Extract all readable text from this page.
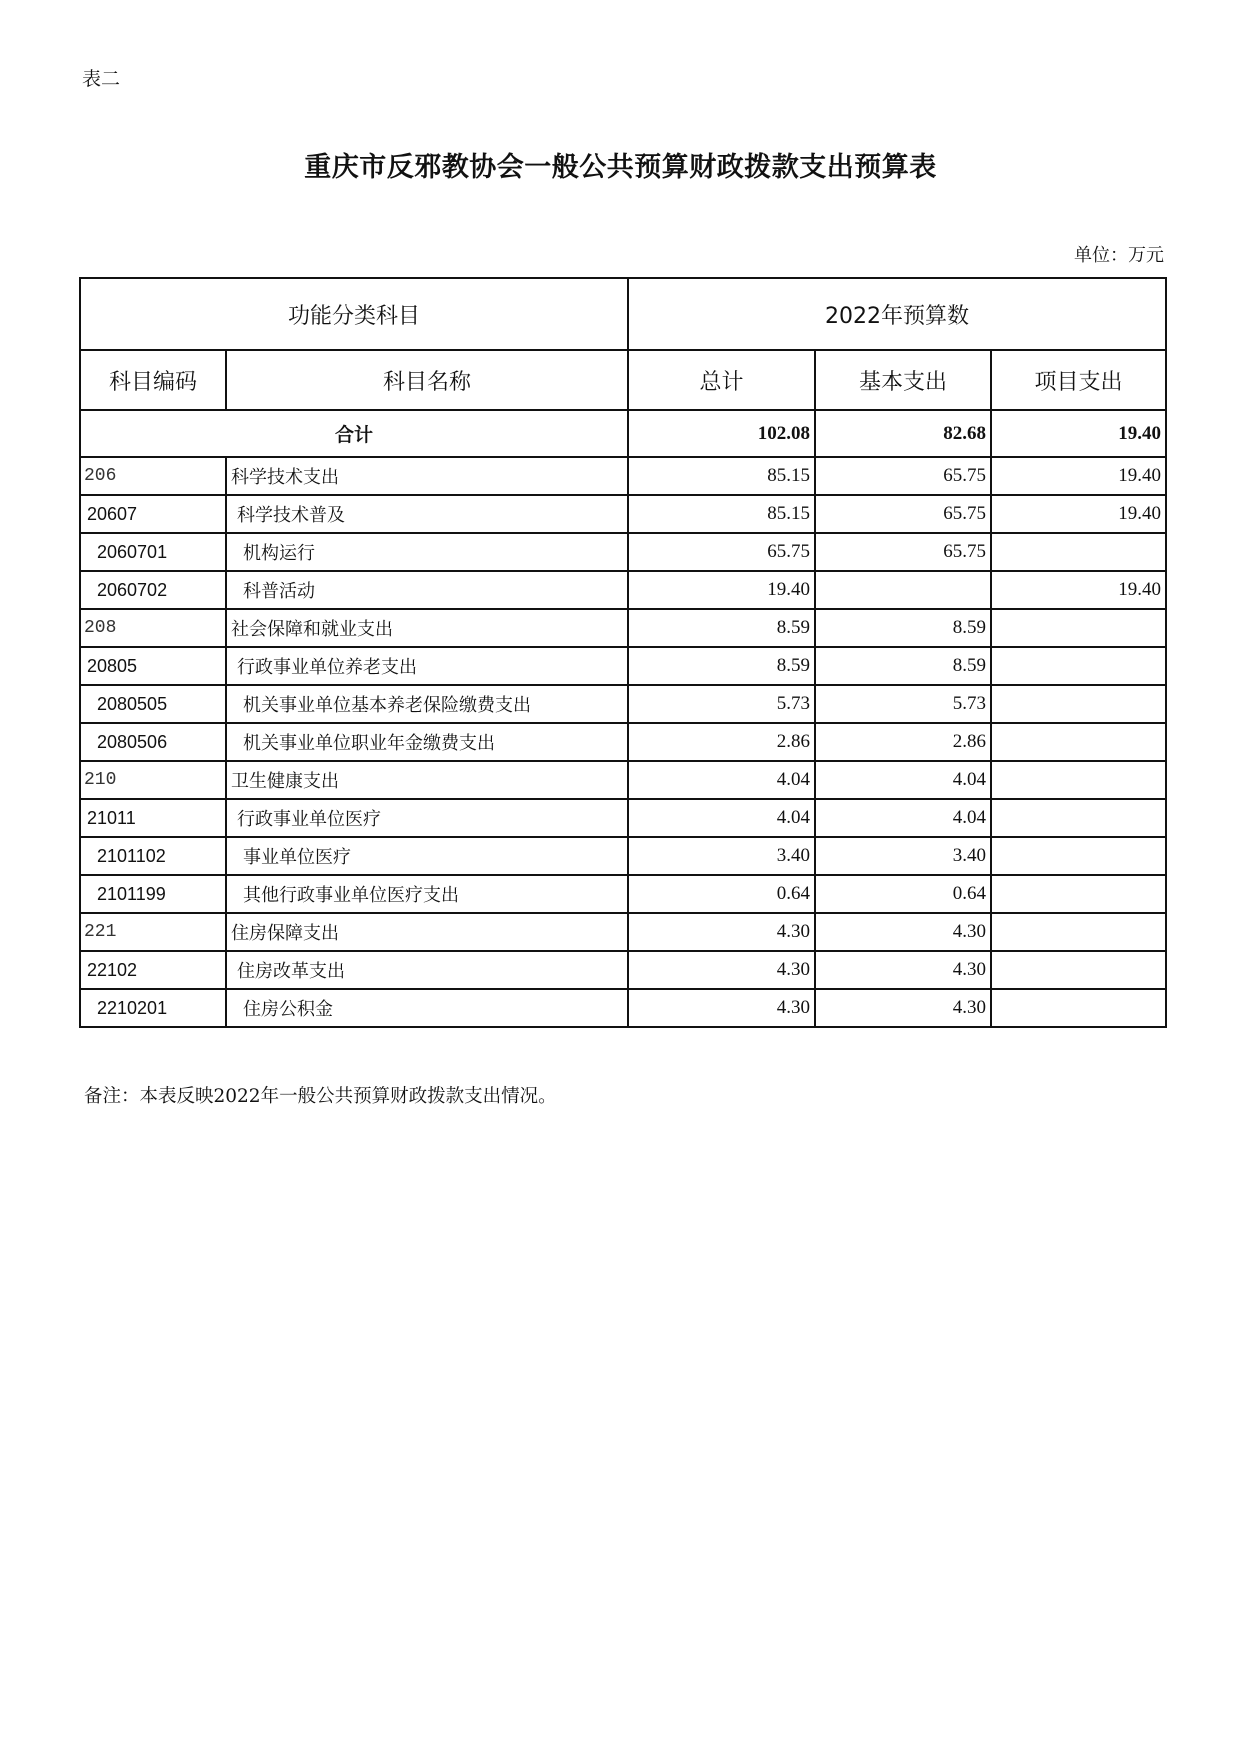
表二
重庆市反邪教协会一般公共预算财政拨款支出预算表
单位：万元
功能分类科目		2022年预算数		
科目编码	科目名称	总计	基本支出	项目支出
合计		102.08	82.68	19.40
206	科学技术支出	85.15	65.75	19.40
20607	科学技术普及	85.15	65.75	19.40
2060701	机构运行	65.75	65.75	
2060702	科普活动	19.40		19.40
208	社会保障和就业支出	8.59	8.59	
20805	行政事业单位养老支出	8.59	8.59	
2080505	机关事业单位基本养老保险缴费支出	5.73	5.73	
2080506	机关事业单位职业年金缴费支出	2.86	2.86	
210	卫生健康支出	4.04	4.04	
21011	行政事业单位医疗	4.04	4.04	
2101102	事业单位医疗	3.40	3.40	
2101199	其他行政事业单位医疗支出	0.64	0.64	
221	住房保障支出	4.30	4.30	
22102	住房改革支出	4.30	4.30	
2210201	住房公积金	4.30	4.30	
备注：本表反映2022年一般公共预算财政拨款支出情况。
